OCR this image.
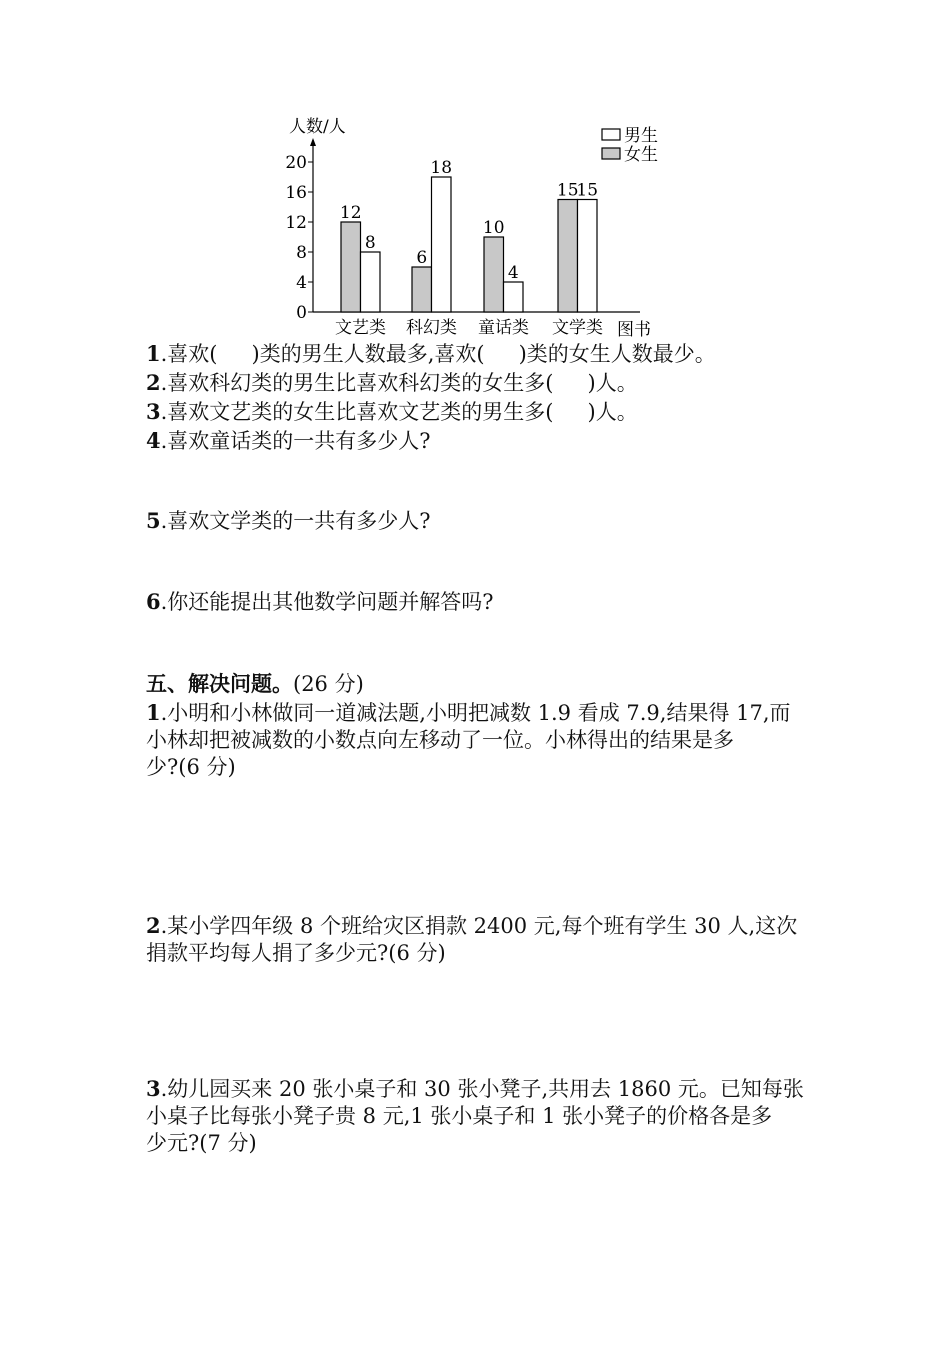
人数/人
图书
0
4
8
12
16
20
12
8
文艺类
6
18
科幻类
10
4
童话类
15
15
文学类
男生
女生
1.喜欢( )类的男生人数最多,喜欢( )类的女生人数最少。
2.喜欢科幻类的男生比喜欢科幻类的女生多( )人。
3.喜欢文艺类的女生比喜欢文艺类的男生多( )人。
4.喜欢童话类的一共有多少人?
5.喜欢文学类的一共有多少人?
6.你还能提出其他数学问题并解答吗?
五、解决问题。(26 分)
1.小明和小林做同一道减法题,小明把减数 1.9 看成 7.9,结果得 17,而
小林却把被减数的小数点向左移动了一位。小林得出的结果是多
少?(6 分)
2.某小学四年级 8 个班给灾区捐款 2400 元,每个班有学生 30 人,这次
捐款平均每人捐了多少元?(6 分)
3.幼儿园买来 20 张小桌子和 30 张小凳子,共用去 1860 元。已知每张
小桌子比每张小凳子贵 8 元,1 张小桌子和 1 张小凳子的价格各是多
少元?(7 分)
